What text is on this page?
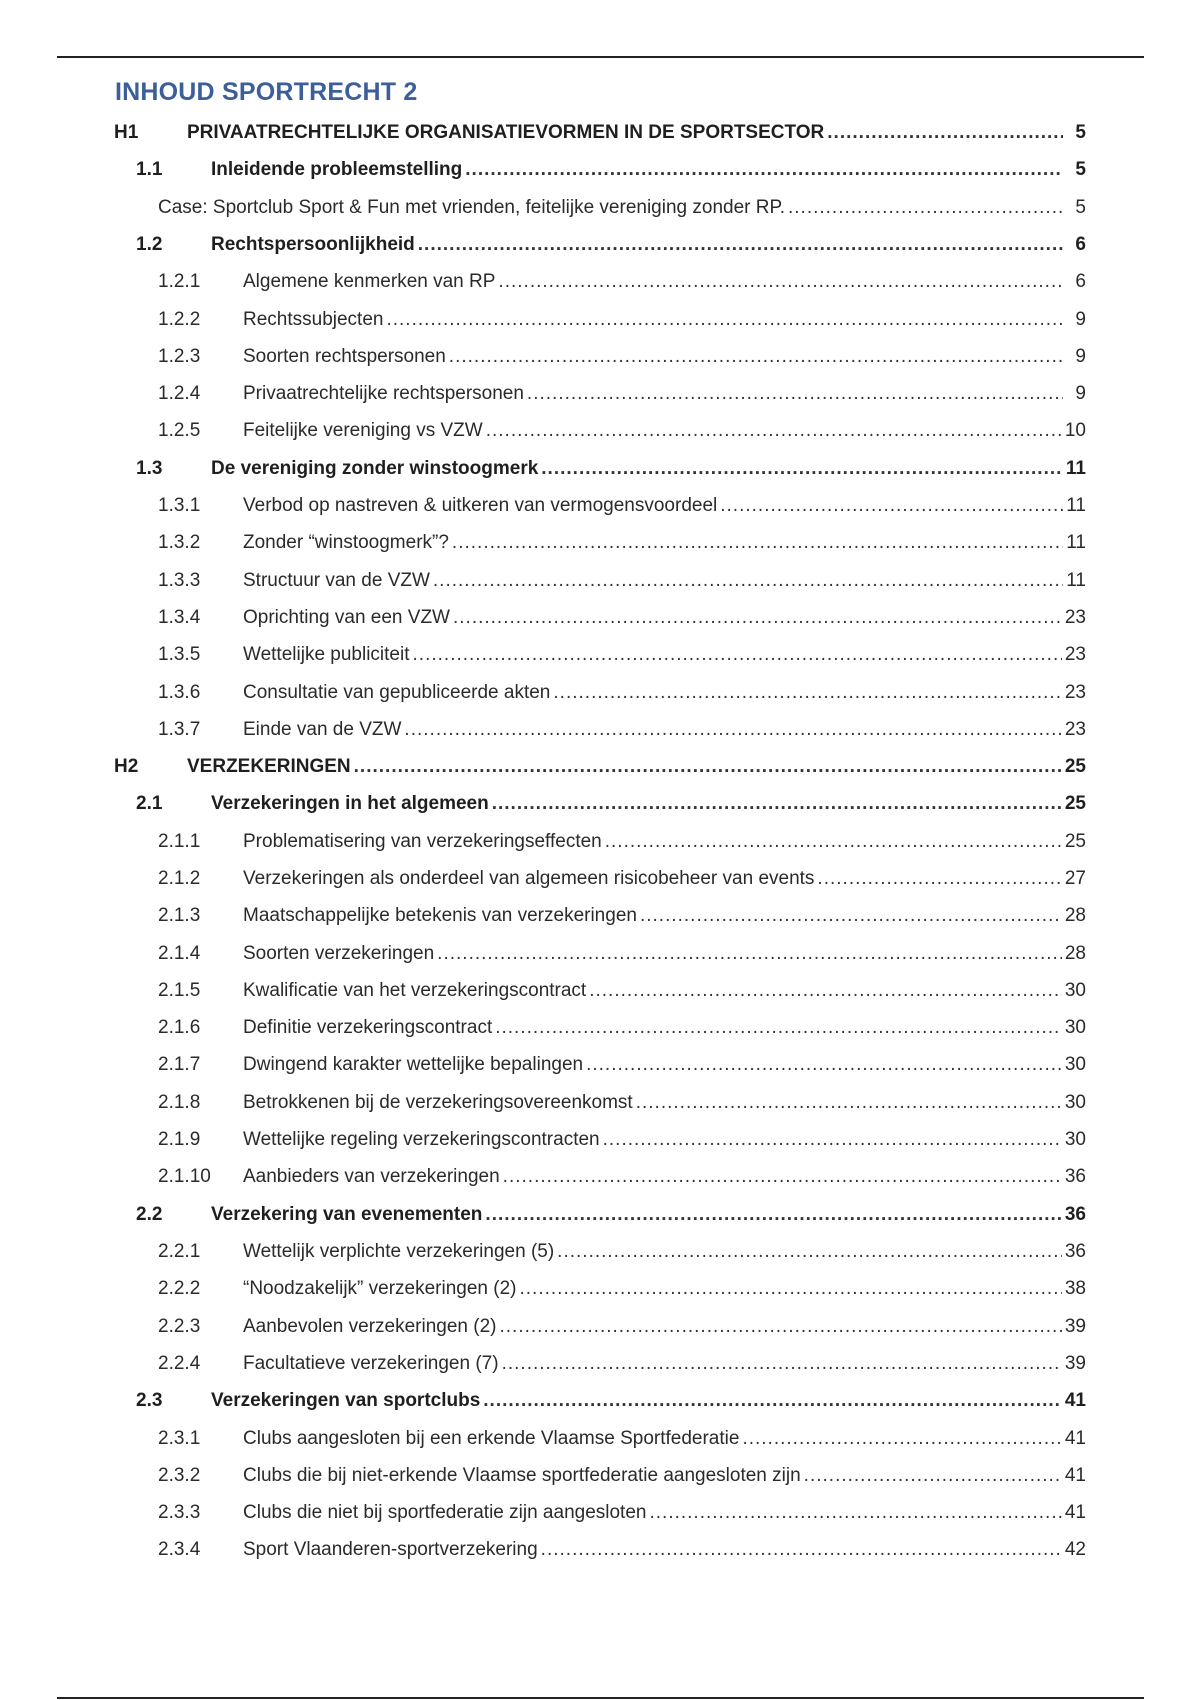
INHOUD SPORTRECHT 2
H1	PRIVAATRECHTELIJKE ORGANISATIEVORMEN IN DE SPORTSECTOR .....	5
1.1	Inleidende probleemstelling .....	5
Case: Sportclub Sport & Fun met vrienden, feitelijke vereniging zonder RP. .....	5
1.2	Rechtspersoonlijkheid .....	6
1.2.1 Algemene kenmerken van RP .....	6
1.2.2 Rechtssubjecten .....	9
1.2.3 Soorten rechtspersonen .....	9
1.2.4 Privaatrechtelijke rechtspersonen .....	9
1.2.5 Feitelijke vereniging vs VZW .....	10
1.3	De vereniging zonder winstoogmerk .....	11
1.3.1 Verbod op nastreven & uitkeren van vermogensvoordeel .....	11
1.3.2 Zonder “winstoogmerk”? .....	11
1.3.3 Structuur van de VZW .....	11
1.3.4 Oprichting van een VZW .....	23
1.3.5 Wettelijke publiciteit .....	23
1.3.6 Consultatie van gepubliceerde akten .....	23
1.3.7 Einde van de VZW .....	23
H2	VERZEKERINGEN .....	25
2.1	Verzekeringen in het algemeen .....	25
2.1.1 Problematisering van verzekeringseffecten .....	25
2.1.2 Verzekeringen als onderdeel van algemeen risicobeheer van events .....	27
2.1.3 Maatschappelijke betekenis van verzekeringen .....	28
2.1.4 Soorten verzekeringen .....	28
2.1.5 Kwalificatie van het verzekeringscontract .....	30
2.1.6 Definitie verzekeringscontract .....	30
2.1.7 Dwingend karakter wettelijke bepalingen .....	30
2.1.8 Betrokkenen bij de verzekeringsovereenkomst .....	30
2.1.9 Wettelijke regeling verzekeringscontracten .....	30
2.1.10 Aanbieders van verzekeringen .....	36
2.2	Verzekering van evenementen .....	36
2.2.1 Wettelijk verplichte verzekeringen (5) .....	36
2.2.2 “Noodzakelijk” verzekeringen (2) .....	38
2.2.3 Aanbevolen verzekeringen (2) .....	39
2.2.4 Facultatieve verzekeringen (7) .....	39
2.3	Verzekeringen van sportclubs .....	41
2.3.1 Clubs aangesloten bij een erkende Vlaamse Sportfederatie .....	41
2.3.2 Clubs die bij niet-erkende Vlaamse sportfederatie aangesloten zijn .....	41
2.3.3 Clubs die niet bij sportfederatie zijn aangesloten .....	41
2.3.4 Sport Vlaanderen-sportverzekering .....	42
